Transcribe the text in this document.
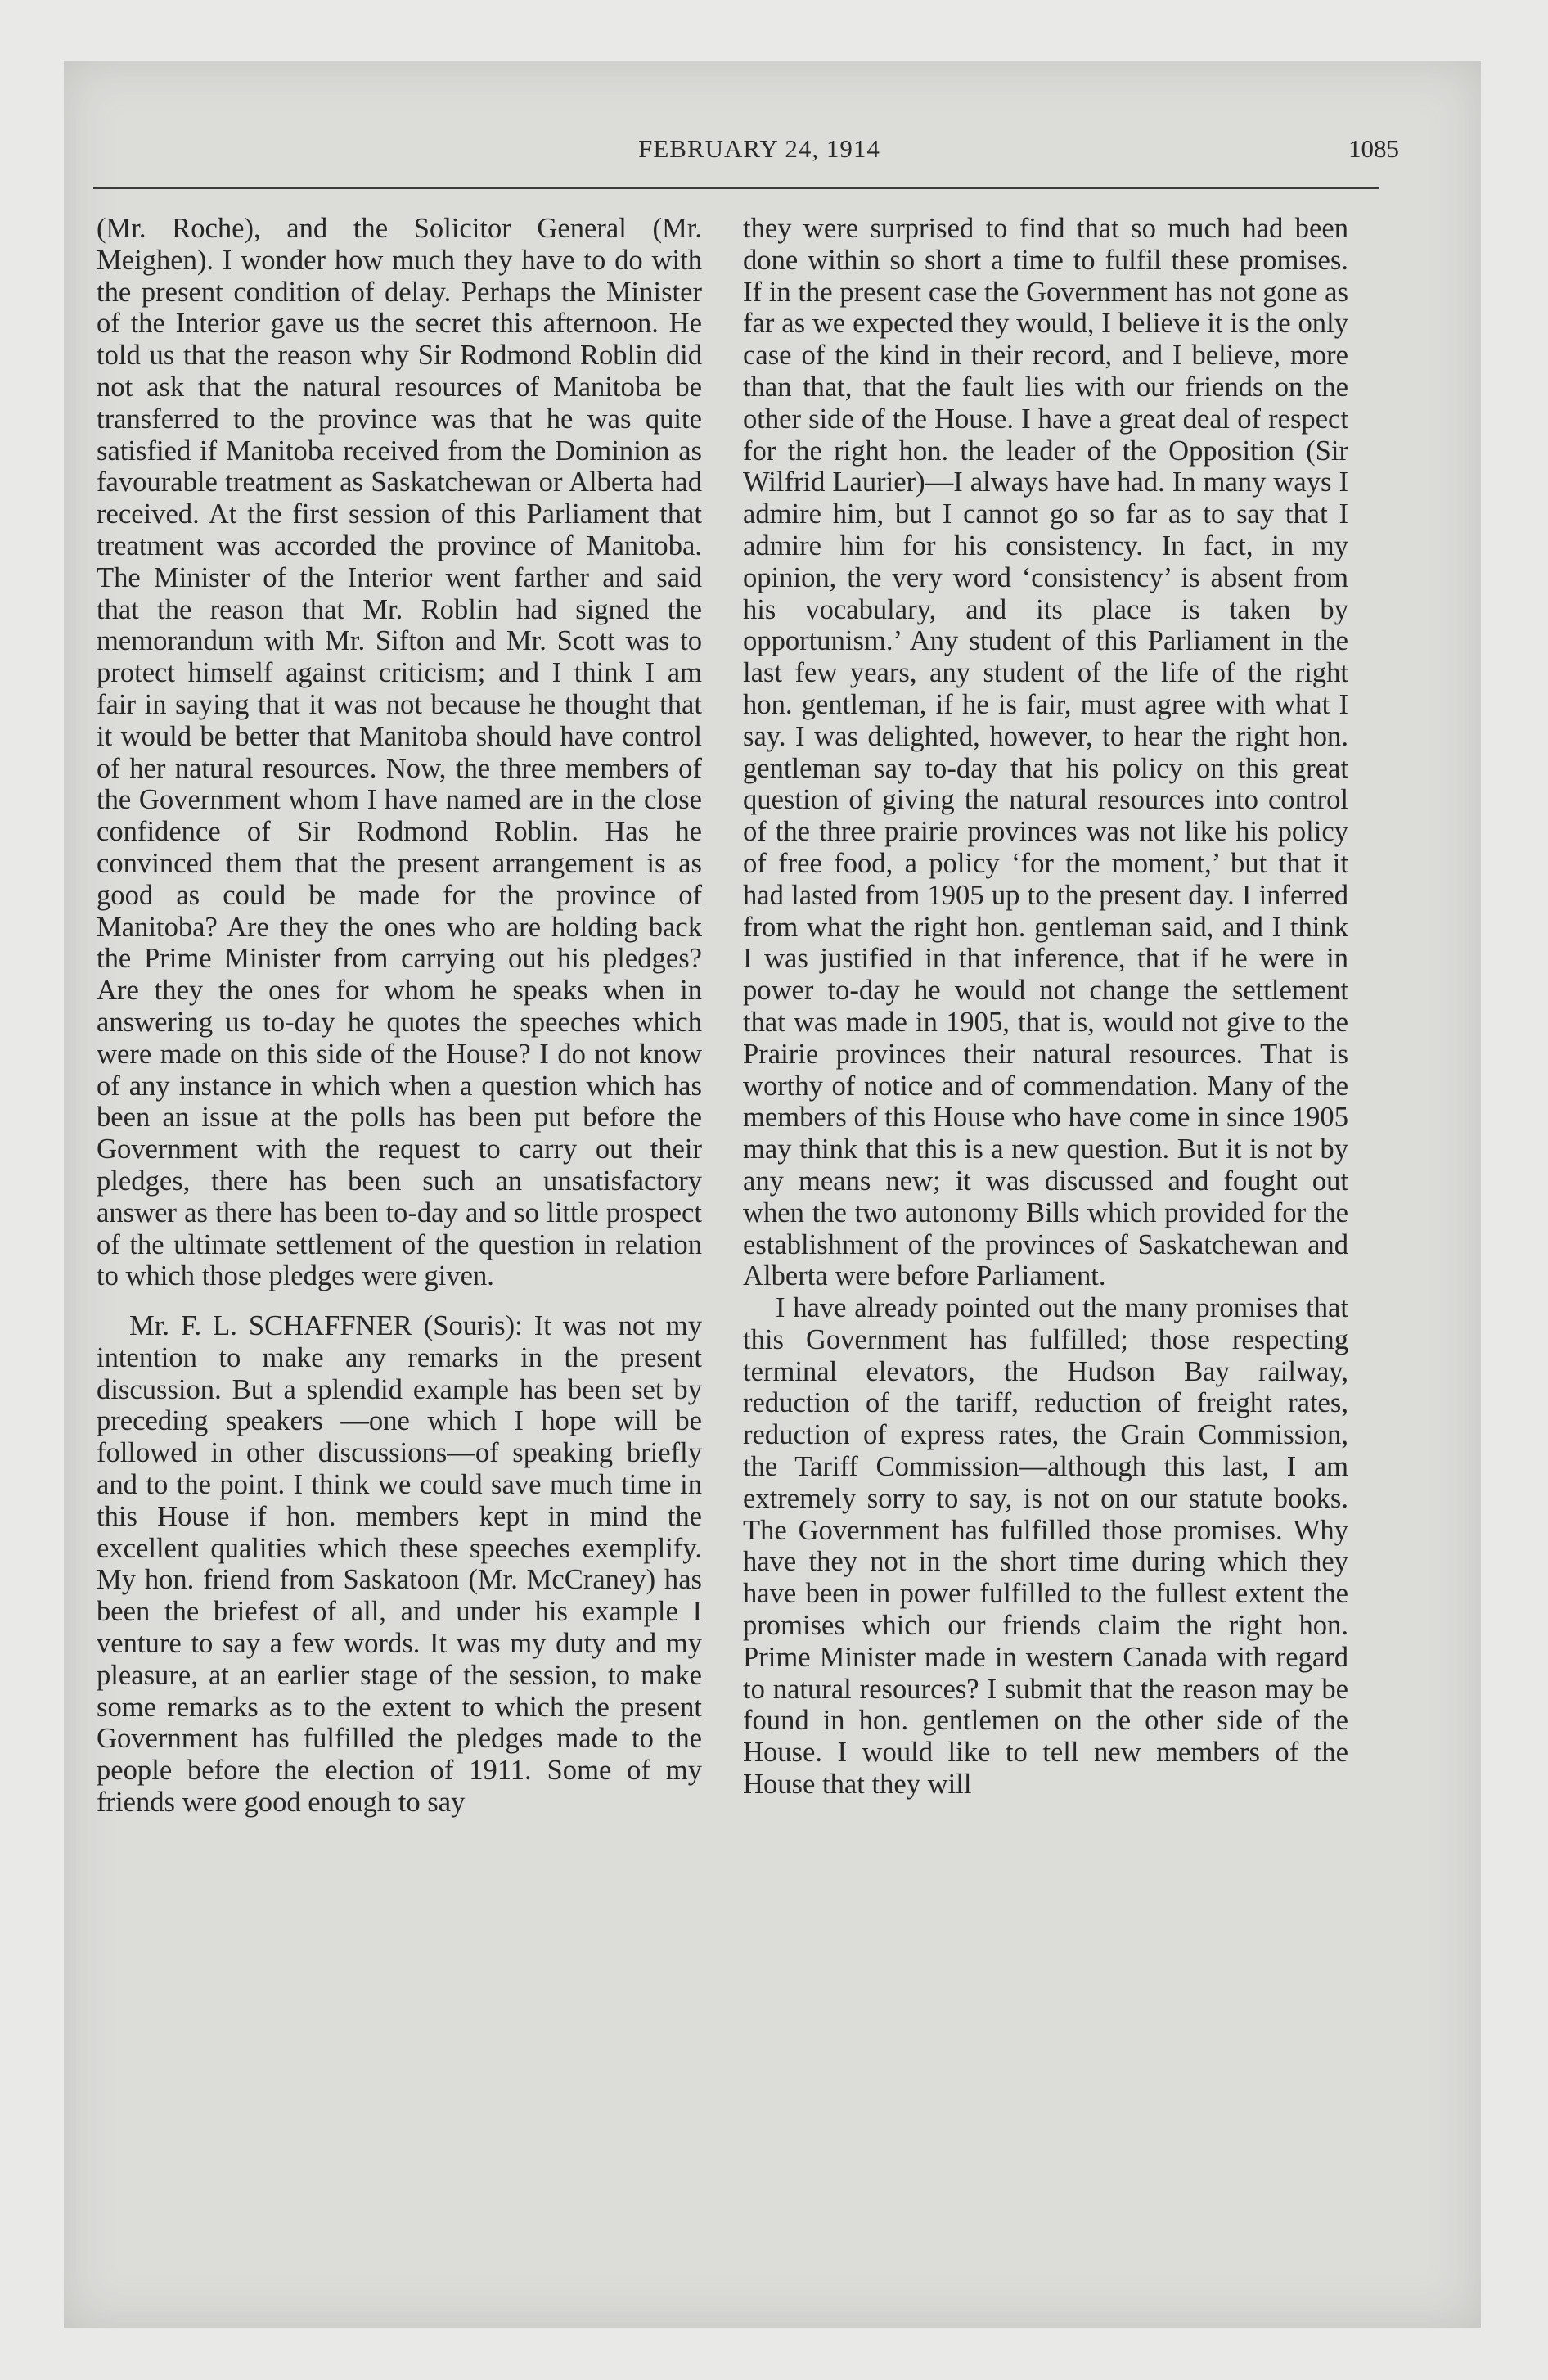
FEBRUARY 24, 1914	1085

(Mr. Roche), and the Solicitor General (Mr. Meighen). I wonder how much they have to do with the present condition of delay. Perhaps the Minister of the Interior gave us the secret this afternoon. He told us that the reason why Sir Rodmond Roblin did not ask that the natural resources of Manitoba be transferred to the province was that he was quite satisfied if Manitoba received from the Dominion as favourable treatment as Saskatchewan or Alberta had received. At the first session of this Parliament that treatment was accorded the province of Manitoba. The Minister of the Interior went farther and said that the reason that Mr. Roblin had signed the memorandum with Mr. Sifton and Mr. Scott was to protect himself against criticism; and I think I am fair in saying that it was not because he thought that it would be better that Manitoba should have control of her natural resources. Now, the three members of the Government whom I have named are in the close confidence of Sir Rodmond Roblin. Has he convinced them that the present arrangement is as good as could be made for the province of Manitoba? Are they the ones who are holding back the Prime Minister from carrying out his pledges? Are they the ones for whom he speaks when in answering us to-day he quotes the speeches which were made on this side of the House? I do not know of any instance in which when a question which has been an issue at the polls has been put before the Government with the request to carry out their pledges, there has been such an unsatisfactory answer as there has been to-day and so little prospect of the ultimate settlement of the question in relation to which those pledges were given.

Mr. F. L. SCHAFFNER (Souris): It was not my intention to make any remarks in the present discussion. But a splendid example has been set by preceding speakers —one which I hope will be followed in other discussions—of speaking briefly and to the point. I think we could save much time in this House if hon. members kept in mind the excellent qualities which these speeches exemplify. My hon. friend from Saskatoon (Mr. McCraney) has been the briefest of all, and under his example I venture to say a few words. It was my duty and my pleasure, at an earlier stage of the session, to make some remarks as to the extent to which the present Government has fulfilled the pledges made to the people before the election of 1911. Some of my friends were good enough to say

they were surprised to find that so much had been done within so short a time to fulfil these promises. If in the present case the Government has not gone as far as we expected they would, I believe it is the only case of the kind in their record, and I believe, more than that, that the fault lies with our friends on the other side of the House. I have a great deal of respect for the right hon. the leader of the Opposition (Sir Wilfrid Laurier)—I always have had. In many ways I admire him, but I cannot go so far as to say that I admire him for his consistency. In fact, in my opinion, the very word ‘consistency’ is absent from his vocabulary, and its place is taken by opportunism.’ Any student of this Parliament in the last few years, any student of the life of the right hon. gentleman, if he is fair, must agree with what I say. I was delighted, however, to hear the right hon. gentleman say to-day that his policy on this great question of giving the natural resources into control of the three prairie provinces was not like his policy of free food, a policy ‘for the moment,’ but that it had lasted from 1905 up to the present day. I inferred from what the right hon. gentleman said, and I think I was justified in that inference, that if he were in power to-day he would not change the settlement that was made in 1905, that is, would not give to the Prairie provinces their natural resources. That is worthy of notice and of commendation. Many of the members of this House who have come in since 1905 may think that this is a new question. But it is not by any means new; it was discussed and fought out when the two autonomy Bills which provided for the establishment of the provinces of Saskatchewan and Alberta were before Parliament.

I have already pointed out the many promises that this Government has fulfilled; those respecting terminal elevators, the Hudson Bay railway, reduction of the tariff, reduction of freight rates, reduction of express rates, the Grain Commission, the Tariff Commission—although this last, I am extremely sorry to say, is not on our statute books. The Government has fulfilled those promises. Why have they not in the short time during which they have been in power fulfilled to the fullest extent the promises which our friends claim the right hon. Prime Minister made in western Canada with regard to natural resources? I submit that the reason may be found in hon. gentlemen on the other side of the House. I would like to tell new members of the House that they will
